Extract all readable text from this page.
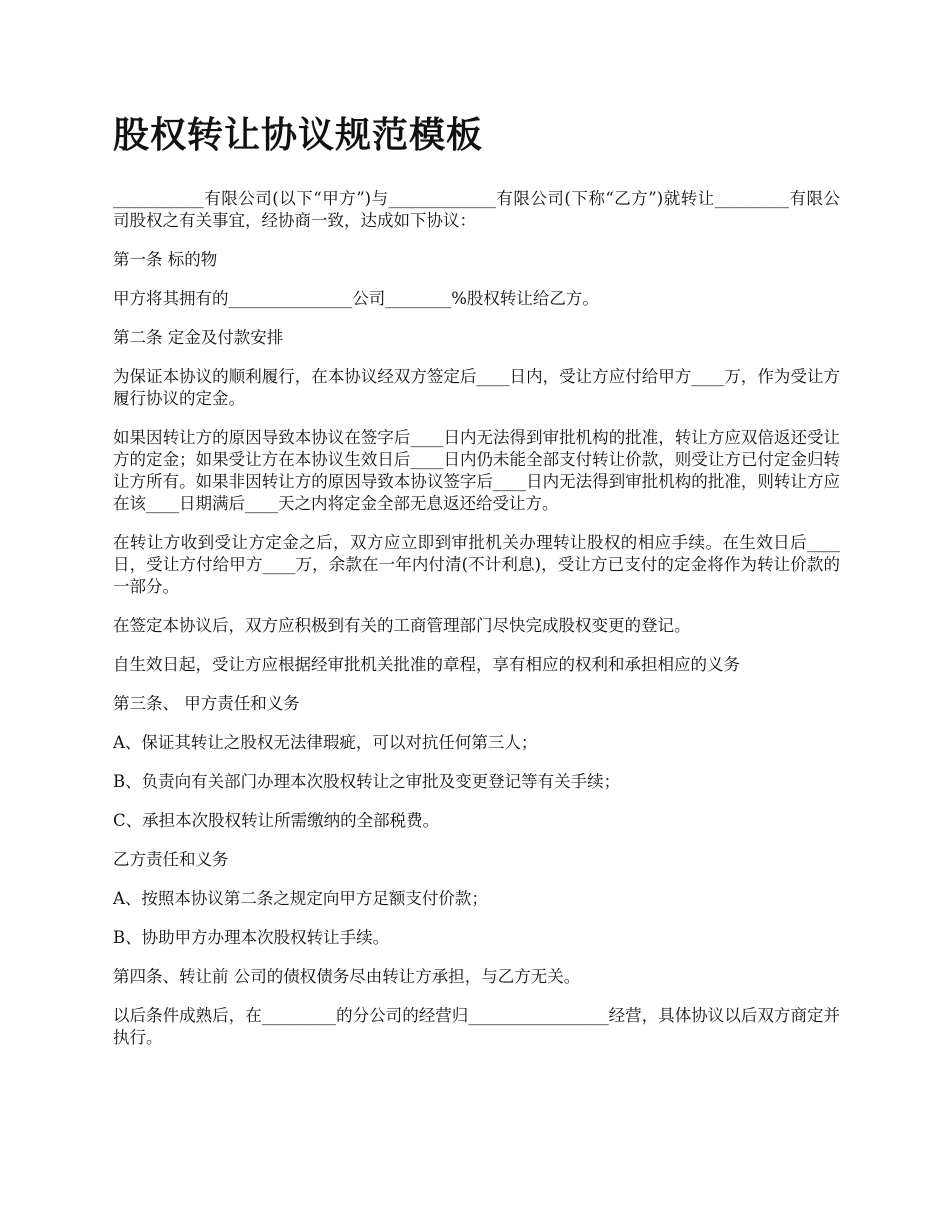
股权转让协议规范模板

___________有限公司(以下“甲方”)与_____________有限公司(下称“乙方”)就转让_________有限公司股权之有关事宜，经协商一致，达成如下协议：

第一条 标的物

甲方将其拥有的_______________公司________%股权转让给乙方。

第二条 定金及付款安排

为保证本协议的顺利履行，在本协议经双方签定后____日内，受让方应付给甲方____万，作为受让方履行协议的定金。

如果因转让方的原因导致本协议在签字后____日内无法得到审批机构的批准，转让方应双倍返还受让方的定金；如果受让方在本协议生效日后____日内仍未能全部支付转让价款，则受让方已付定金归转让方所有。如果非因转让方的原因导致本协议签字后____日内无法得到审批机构的批准，则转让方应在该____日期满后____天之内将定金全部无息返还给受让方。

在转让方收到受让方定金之后，双方应立即到审批机关办理转让股权的相应手续。在生效日后____日，受让方付给甲方____万，余款在一年内付清(不计利息)，受让方已支付的定金将作为转让价款的一部分。

在签定本协议后，双方应积极到有关的工商管理部门尽快完成股权变更的登记。

自生效日起，受让方应根据经审批机关批准的章程，享有相应的权利和承担相应的义务

第三条、 甲方责任和义务

A、保证其转让之股权无法律瑕疵，可以对抗任何第三人；

B、负责向有关部门办理本次股权转让之审批及变更登记等有关手续；

C、承担本次股权转让所需缴纳的全部税费。

乙方责任和义务

A、按照本协议第二条之规定向甲方足额支付价款；

B、协助甲方办理本次股权转让手续。

第四条、转让前 公司的债权债务尽由转让方承担，与乙方无关。

以后条件成熟后，在_________的分公司的经营归_________________经营，具体协议以后双方商定并执行。
